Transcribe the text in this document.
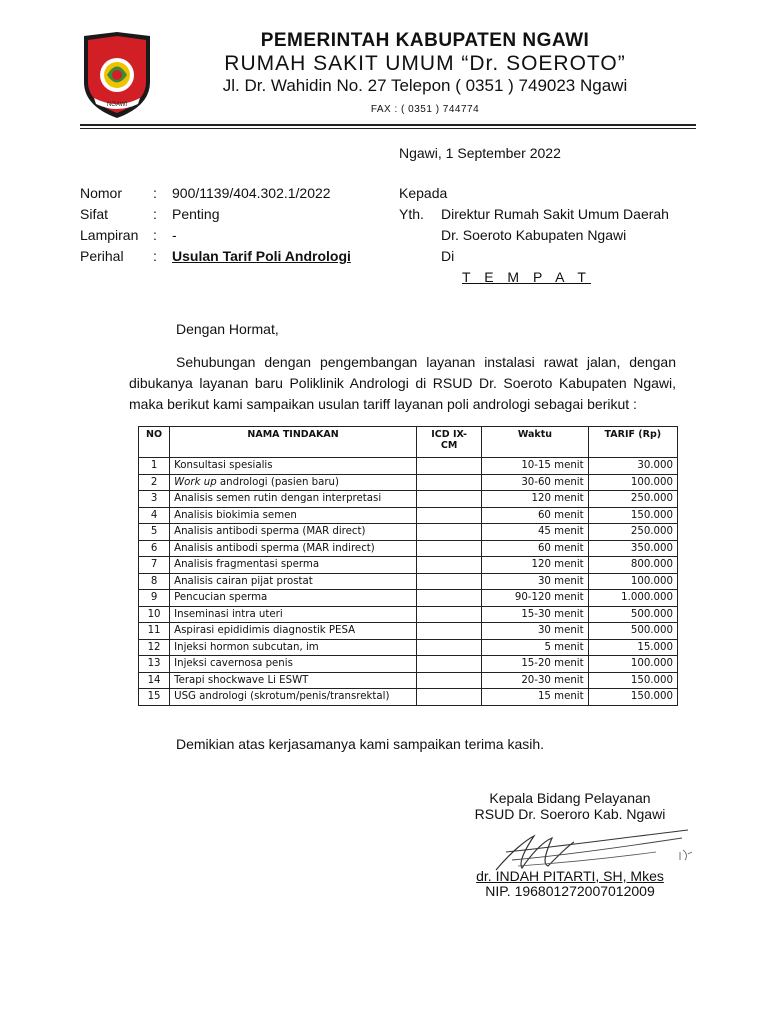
NGAWI
PEMERINTAH KABUPATEN NGAWI
RUMAH SAKIT UMUM “Dr. SOEROTO”
Jl. Dr. Wahidin No. 27 Telepon ( 0351 ) 749023 Ngawi
FAX : ( 0351 ) 744774
Ngawi, 1 September 2022
Nomor : 900/1139/404.302.1/2022
Sifat	: Penting
Lampiran : -
Perihal : Usulan Tarif Poli Andrologi
Kepada
Yth. Direktur Rumah Sakit Umum Daerah
Dr. Soeroto Kabupaten Ngawi
Di
T E M P A T
Dengan Hormat,
Sehubungan dengan pengembangan layanan instalasi rawat jalan, dengan
dibukanya layanan baru Poliklinik Andrologi di RSUD Dr. Soeroto Kabupaten Ngawi,
maka berikut kami sampaikan usulan tariff layanan poli andrologi sebagai berikut :
NO	NAMA TINDAKAN	ICD IX-
CM	Waktu	TARIF (Rp)
1	Konsultasi spesialis		10-15 menit	30.000
2	Work up andrologi (pasien baru)		30-60 menit	100.000
3	Analisis semen rutin dengan interpretasi		120 menit	250.000
4	Analisis biokimia semen		60 menit	150.000
5	Analisis antibodi sperma (MAR direct)		45 menit	250.000
6	Analisis antibodi sperma (MAR indirect)		60 menit	350.000
7	Analisis fragmentasi sperma		120 menit	800.000
8	Analisis cairan pijat prostat		30 menit	100.000
9	Pencucian sperma		90-120 menit	1.000.000
10	Inseminasi intra uteri		15-30 menit	500.000
11	Aspirasi epididimis diagnostik PESA		30 menit	500.000
12	Injeksi hormon subcutan, im		5 menit	15.000
13	Injeksi cavernosa penis		15-20 menit	100.000
14	Terapi shockwave Li ESWT		20-30 menit	150.000
15	USG andrologi (skrotum/penis/transrektal)		15 menit	150.000
Demikian atas kerjasamanya kami sampaikan terima kasih.
Kepala Bidang Pelayanan
RSUD Dr. Soeroro Kab. Ngawi
dr. INDAH PITARTI, SH, Mkes
NIP. 196801272007012009
